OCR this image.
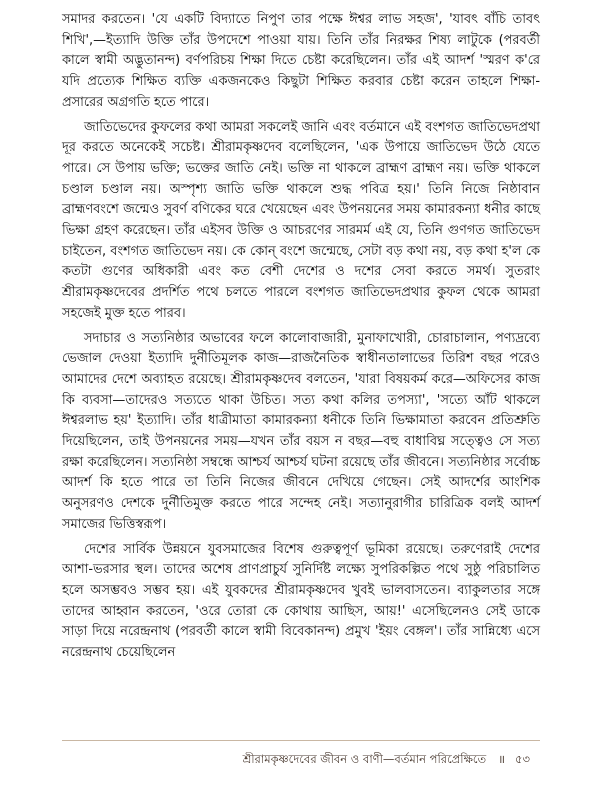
সমাদর করতেন। 'যে একটি বিদ্যাতে নিপুণ তার পক্ষে ঈশ্বর লাভ সহজ', 'যাবৎ বাঁচি তাবৎ শিখি',—ইত্যাদি উক্তি তাঁর উপদেশে পাওয়া যায়। তিনি তাঁর নিরক্ষর শিষ্য লাটুকে (পরবর্তী কালে স্বামী অদ্ভুতানন্দ) বর্ণপরিচয় শিক্ষা দিতে চেষ্টা করেছিলেন। তাঁর এই আদর্শ 'স্মরণ ক'রে যদি প্রত্যেক শিক্ষিত ব্যক্তি একজনকেও কিছুটা শিক্ষিত করবার চেষ্টা করেন তাহলে শিক্ষা-প্রসারের অগ্রগতি হতে পারে।

জাতিভেদের কুফলের কথা আমরা সকলেই জানি এবং বর্তমানে এই বংশগত জাতিভেদপ্রথা দূর করতে অনেকেই সচেষ্ট। শ্রীরামকৃষ্ণদেব বলেছিলেন, 'এক উপায়ে জাতিভেদ উঠে যেতে পারে। সে উপায় ভক্তি; ভক্তের জাতি নেই। ভক্তি না থাকলে ব্রাহ্মণ ব্রাহ্মণ নয়। ভক্তি থাকলে চণ্ডাল চণ্ডাল নয়। অস্পৃশ্য জাতি ভক্তি থাকলে শুদ্ধ পবিত্র হয়।' তিনি নিজে নিষ্ঠাবান ব্রাহ্মণবংশে জন্মেও সুবর্ণ বণিকের ঘরে খেয়েছেন এবং উপনয়নের সময় কামারকন্যা ধনীর কাছে ভিক্ষা গ্রহণ করেছেন। তাঁর এইসব উক্তি ও আচরণের সারমর্ম এই যে, তিনি গুণগত জাতিভেদ চাইতেন, বংশগত জাতিভেদ নয়। কে কোন্ বংশে জন্মেছে, সেটা বড় কথা নয়, বড় কথা হ'ল কে কতটা গুণের অধিকারী এবং কত বেশী দেশের ও দশের সেবা করতে সমর্থ। সুতরাং শ্রীরামকৃষ্ণদেবের প্রদর্শিত পথে চলতে পারলে বংশগত জাতিভেদপ্রথার কুফল থেকে আমরা সহজেই মুক্ত হতে পারব।

সদাচার ও সত্যনিষ্ঠার অভাবের ফলে কালোবাজারী, মুনাফাখোরী, চোরাচালান, পণ্যদ্রব্যে ভেজাল দেওয়া ইত্যাদি দুর্নীতিমূলক কাজ—রাজনৈতিক স্বাধীনতালাভের তিরিশ বছর পরেও আমাদের দেশে অব্যাহত রয়েছে। শ্রীরামকৃষ্ণদেব বলতেন, 'যারা বিষয়কর্ম করে—অফিসের কাজ কি ব্যবসা—তাদেরও সত্যতে থাকা উচিত। সত্য কথা কলির তপস্যা', 'সত্যে আঁট থাকলে ঈশ্বরলাভ হয়' ইত্যাদি। তাঁর ধাত্রীমাতা কামারকন্যা ধনীকে তিনি ভিক্ষামাতা করবেন প্রতিশ্রুতি দিয়েছিলেন, তাই উপনয়নের সময়—যখন তাঁর বয়স ন বছর—বহু বাধাবিঘ্ন সত্ত্বেও সে সত্য রক্ষা করেছিলেন। সত্যনিষ্ঠা সম্বন্ধে আশ্চর্য আশ্চর্য ঘটনা রয়েছে তাঁর জীবনে। সত্যনিষ্ঠার সর্বোচ্চ আদর্শ কি হতে পারে তা তিনি নিজের জীবনে দেখিয়ে গেছেন। সেই আদর্শের আংশিক অনুসরণও দেশকে দুর্নীতিমুক্ত করতে পারে সন্দেহ নেই। সত্যানুরাগীর চারিত্রিক বলই আদর্শ সমাজের ভিত্তিস্বরূপ।

দেশের সার্বিক উন্নয়নে যুবসমাজের বিশেষ গুরুত্বপূর্ণ ভূমিকা রয়েছে। তরুণেরাই দেশের আশা-ভরসার স্থল। তাদের অশেষ প্রাণপ্রাচুর্য সুনির্দিষ্ট লক্ষ্যে সুপরিকল্পিত পথে সুষ্ঠু পরিচালিত হলে অসম্ভবও সম্ভব হয়। এই যুবকদের শ্রীরামকৃষ্ণদেব খুবই ভালবাসতেন। ব্যাকুলতার সঙ্গে তাদের আহ্বান করতেন, 'ওরে তোরা কে কোথায় আছিস, আয়!' এসেছিলেনও সেই ডাকে সাড়া দিয়ে নরেন্দ্রনাথ (পরবর্তী কালে স্বামী বিবেকানন্দ) প্রমুখ 'ইয়ং বেঙ্গল'। তাঁর সান্নিধ্যে এসে নরেন্দ্রনাথ চেয়েছিলেন

শ্রীরামকৃষ্ণদেবের জীবন ও বাণী—বর্তমান পরিপ্রেক্ষিতে ॥ ৫৩
